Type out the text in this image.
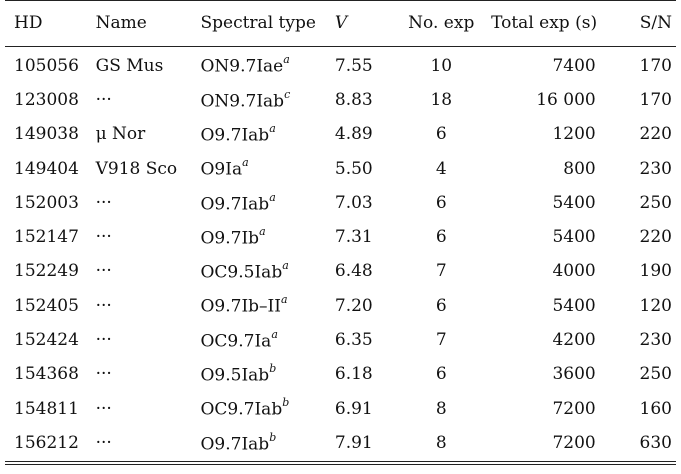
HD	Name	Spectral type	V	No. exp	Total exp (s)	S/N

105056	GS Mus	ON9.7Iae$^a$	7.55	10	7400	170
123008	···	ON9.7Iab$^c$	8.83	18	16 000	170
149038	μ Nor	O9.7Iab$^a$	4.89	6	1200	220
149404	V918 Sco	O9Ia$^a$	5.50	4	800	230
152003	···	O9.7Iab$^a$	7.03	6	5400	250
152147	···	$O9.7Ib^a$	7.31	6	5400	220
152249	···	OC9.5Iab$^a$	6.48	7	4000	190
152405	···	$O9.7Ib-II^a$	7.20	6	5400	120
152424	···	$OC9.7Ia^a$	6.35	7	4200	230
154368	···	O9.5Iab$^b$	6.18	6	3600	250
154811	···	OC9.7Iab$^b$	6.91	8	7200	160
156212	···	O9.7Iab$^b$	7.91	8	7200	630
